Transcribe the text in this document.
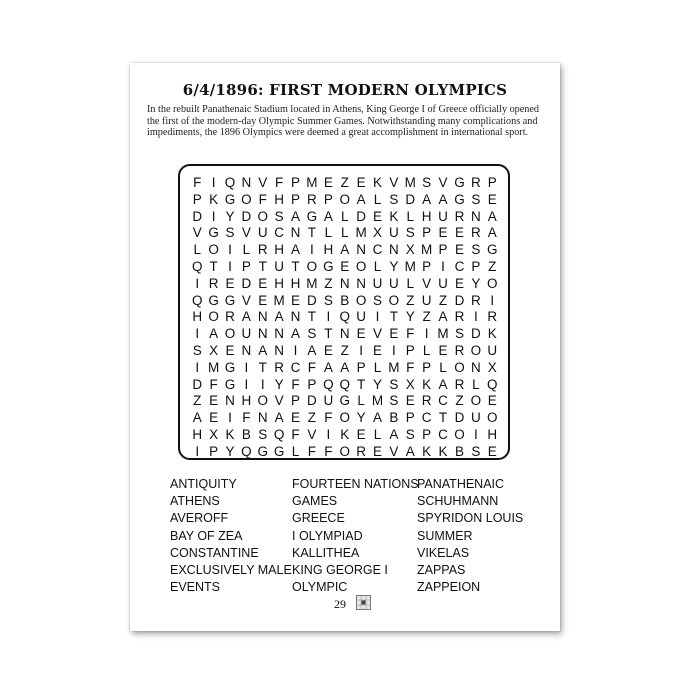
6/4/1896: FIRST MODERN OLYMPICS

In the rebuilt Panathenaic Stadium located in Athens, King George I of Greece officially opened the first of the modern-day Olympic Summer Games. Notwithstanding many complications and impediments, the 1896 Olympics were deemed a great accomplishment in international sport.

F I Q N V F P M E Z E K V M S V G R P
P K G O F H P R P O A L S D A A G S E
D I Y D O S A G A L D E K L H U R N A
V G S V U C N T L L M X U S P E E R A
L O I L R H A I H A N C N X M P E S G
Q T I P T U T O G E O L Y M P I C P Z
I R E D E H H M Z N N U U L V U E Y O
Q G G V E M E D S B O S O Z U Z D R I
H O R A N A N T I Q U I T Y Z A R I R
I A O U N N A S T N E V E F I M S D K
S X E N A N I A E Z I E I P L E R O U
I M G I T R C F A A P L M F P L O N X
D F G I I Y F P Q Q T Y S X K A R L Q
Z E N H O V P D U G L M S E R C Z O E
A E I F N A E Z F O Y A B P C T D U O
H X K B S Q F V I K E L A S P C O I H
I P Y Q G G L F F O R E V A K K B S E
ANTIQUITY
ATHENS
AVEROFF
BAY OF ZEA
CONSTANTINE
EXCLUSIVELY MALE
EVENTS
FOURTEEN NATIONS
GAMES
GREECE
I OLYMPIAD
KALLITHEA
KING GEORGE I
OLYMPIC
PANATHENAIC
SCHUHMANN
SPYRIDON LOUIS
SUMMER
VIKELAS
ZAPPAS
ZAPPEION
29
